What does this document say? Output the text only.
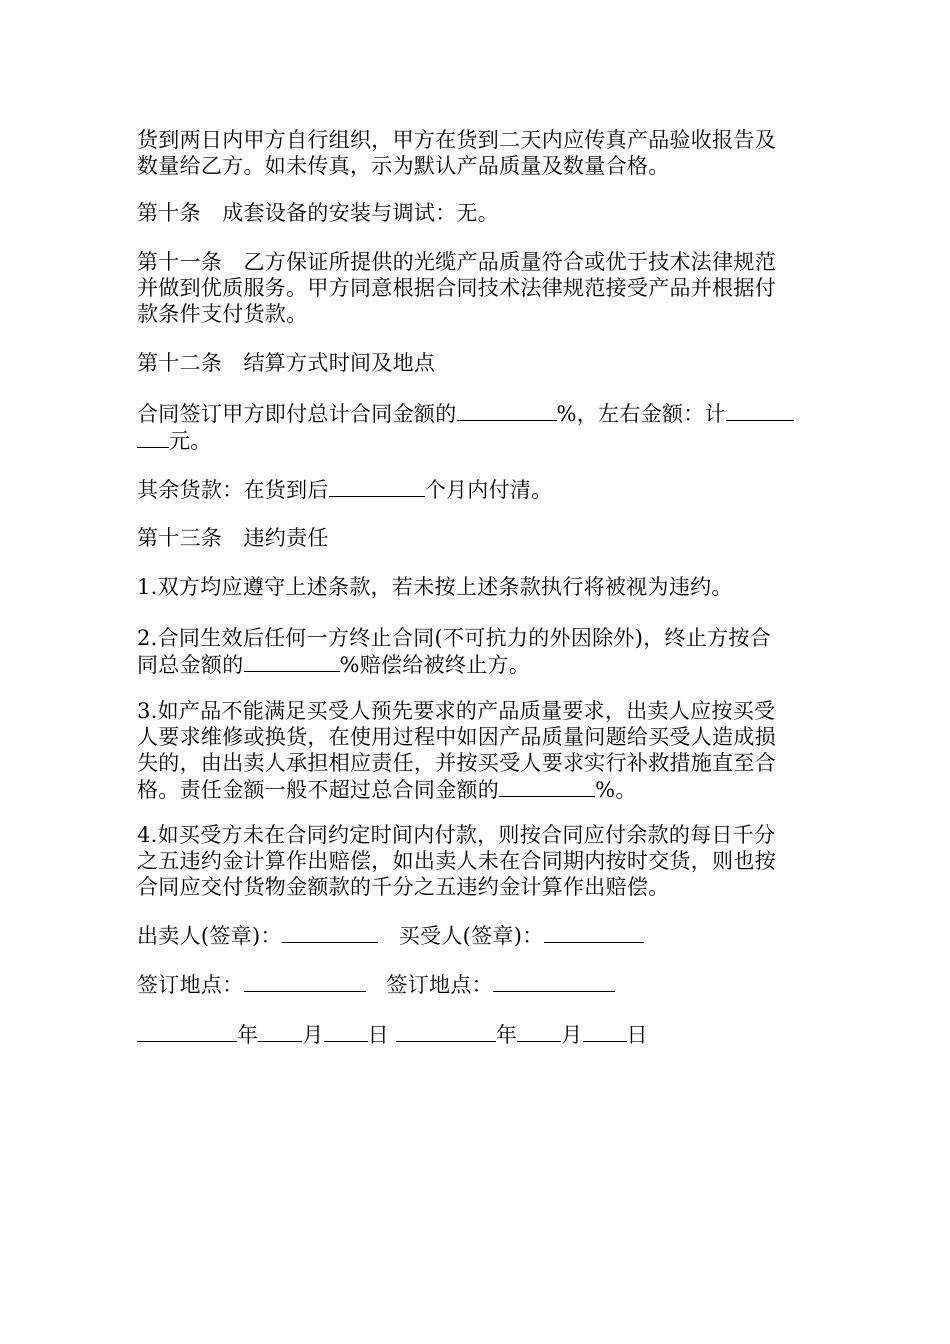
货到两日内甲方自行组织，甲方在货到二天内应传真产品验收报告及
数量给乙方。如未传真，示为默认产品质量及数量合格。

第十条　成套设备的安装与调试：无。

第十一条　乙方保证所提供的光缆产品质量符合或优于技术法律规范
并做到优质服务。甲方同意根据合同技术法律规范接受产品并根据付
款条件支付货款。

第十二条　结算方式时间及地点

合同签订甲方即付总计合同金额的	%，左右金额：计
元。

其余货款：在货到后	个月内付清。

第十三条　违约责任

1.双方均应遵守上述条款，若未按上述条款执行将被视为违约。

2.合同生效后任何一方终止合同(不可抗力的外因除外)，终止方按合
同总金额的	%赔偿给被终止方。

3.如产品不能满足买受人预先要求的产品质量要求，出卖人应按买受
人要求维修或换货，在使用过程中如因产品质量问题给买受人造成损
失的，由出卖人承担相应责任，并按买受人要求实行补救措施直至合
格。责任金额一般不超过总合同金额的	%。

4.如买受方未在合同约定时间内付款，则按合同应付余款的每日千分
之五违约金计算作出赔偿，如出卖人未在合同期内按时交货，则也按
合同应交付货物金额款的千分之五违约金计算作出赔偿。

出卖人(签章)：	买受人(签章)：

签订地点：	签订地点：

年 月 日	年 月 日
